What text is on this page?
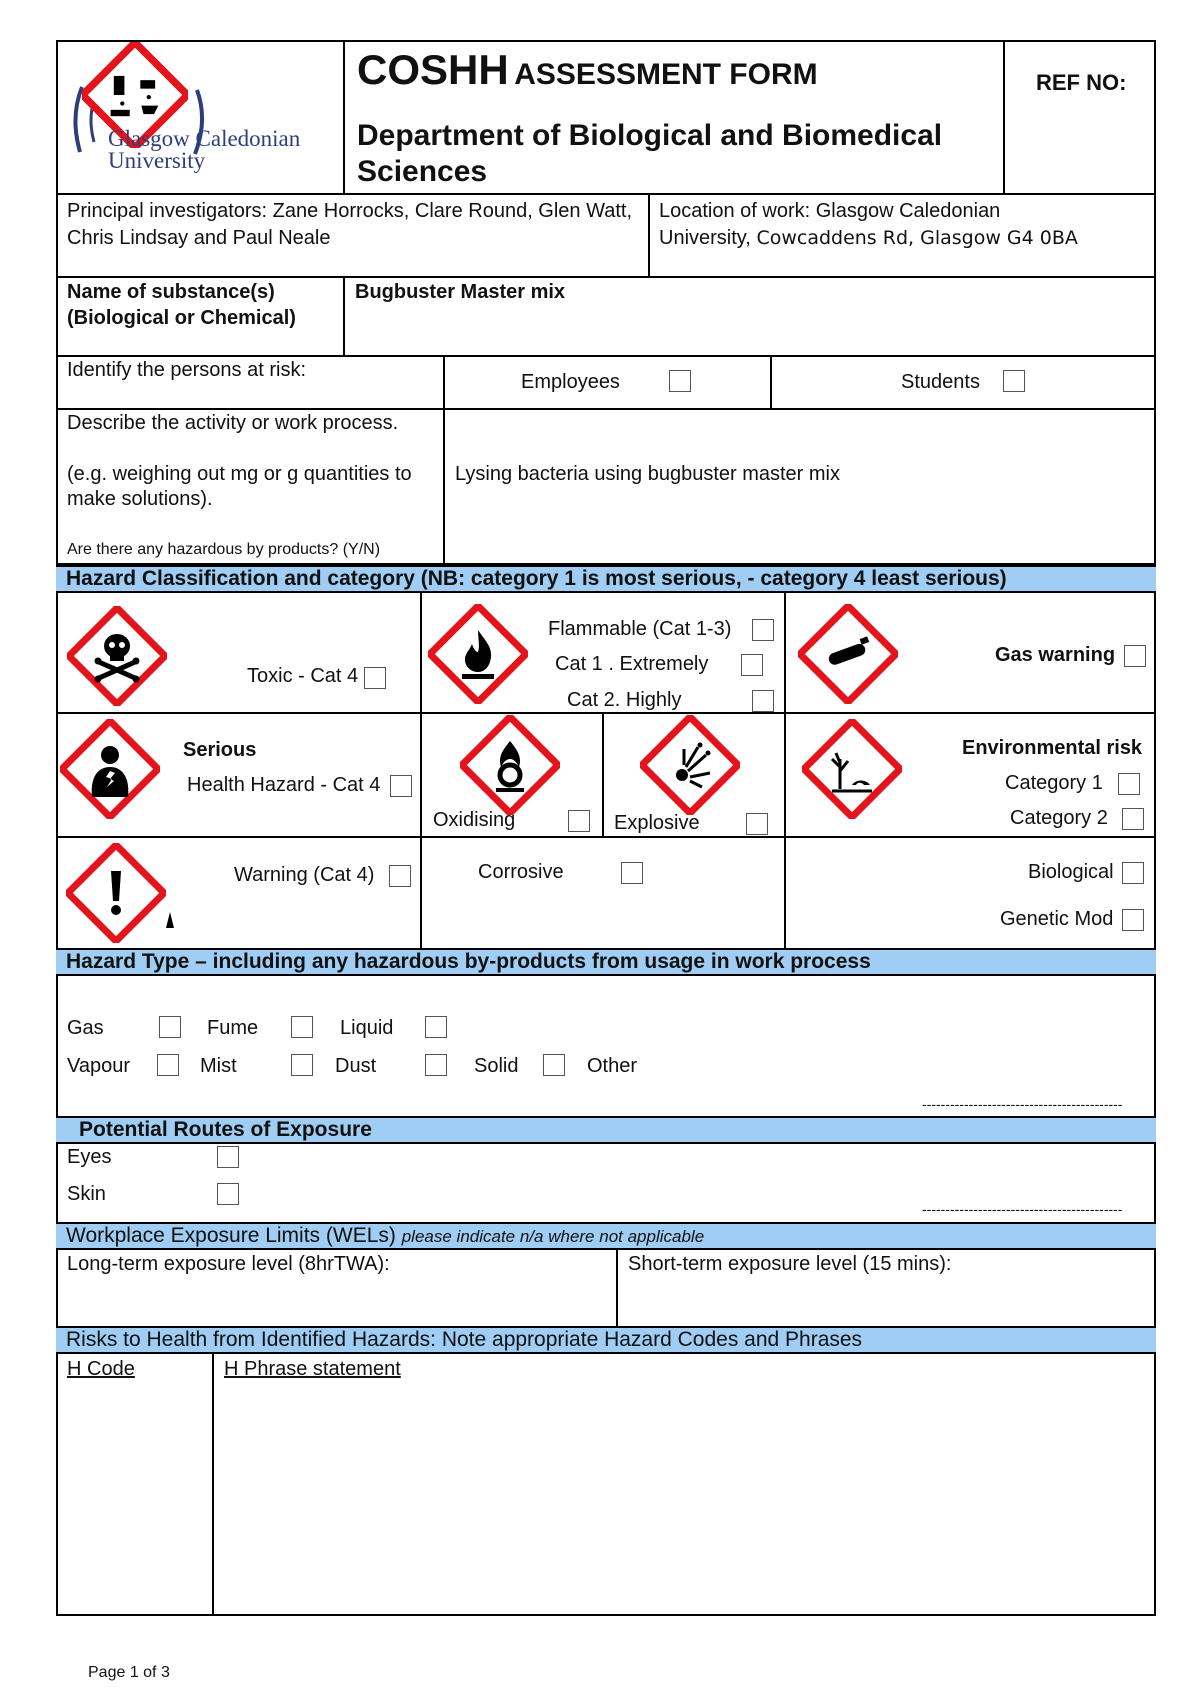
Glasgow Caledonian
University
COSHH ASSESSMENT FORM
Department of Biological and Biomedical Sciences
REF NO:
Principal investigators: Zane Horrocks, Clare Round, Glen Watt, Chris Lindsay and Paul Neale
Location of work: Glasgow Caledonian
University, Cowcaddens Rd, Glasgow G4 0BA
Name of substance(s)
(Biological or Chemical)
Bugbuster Master mix
Identify the persons at risk:
Employees	Students
Describe the activity or work process.
(e.g. weighing out mg or g quantities to make solutions).
Are there any hazardous by products? (Y/N)
Lysing bacteria using bugbuster master mix
Hazard Classification and category (NB: category 1 is most serious, - category 4 least serious)
Toxic - Cat 4
Flammable (Cat 1-3)
Cat 1 . Extremely
Cat 2. Highly
Gas warning
Serious
Health Hazard - Cat 4
Oxidising	Explosive
Environmental risk
Category 1
Category 2
Warning (Cat 4)	Corrosive	Biological
Genetic Mod
Hazard Type – including any hazardous by-products from usage in work process
Gas	Fume	Liquid
Vapour	Mist	Dust	Solid	Other
-------------------------------------------
Potential Routes of Exposure
Eyes
Skin
-------------------------------------------
Workplace Exposure Limits (WELs) please indicate n/a where not applicable
Long-term exposure level (8hrTWA):	Short-term exposure level (15 mins):
Risks to Health from Identified Hazards: Note appropriate Hazard Codes and Phrases
H Code	H Phrase statement
Page 1 of 3
